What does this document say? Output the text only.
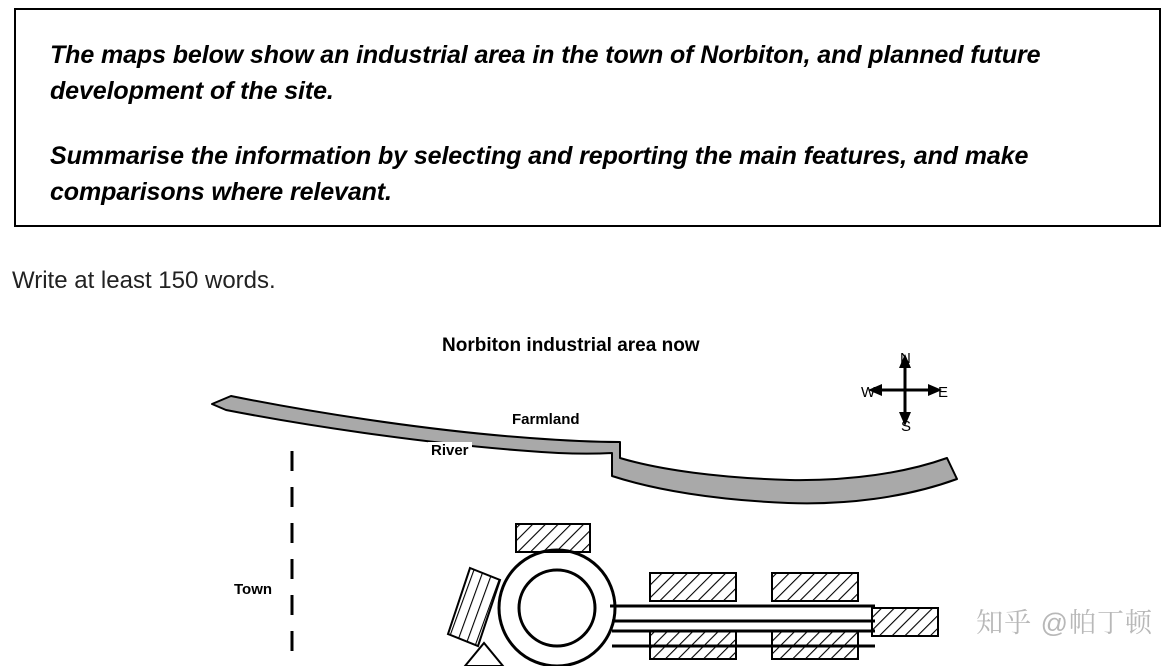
The maps below show an industrial area in the town of Norbiton, and planned future development of the site.

Summarise the information by selecting and reporting the main features, and make comparisons where relevant.

Write at least 150 words.
Norbiton industrial area now
Farmland
River
Town
N
S
W	E
知乎 @帕丁顿
